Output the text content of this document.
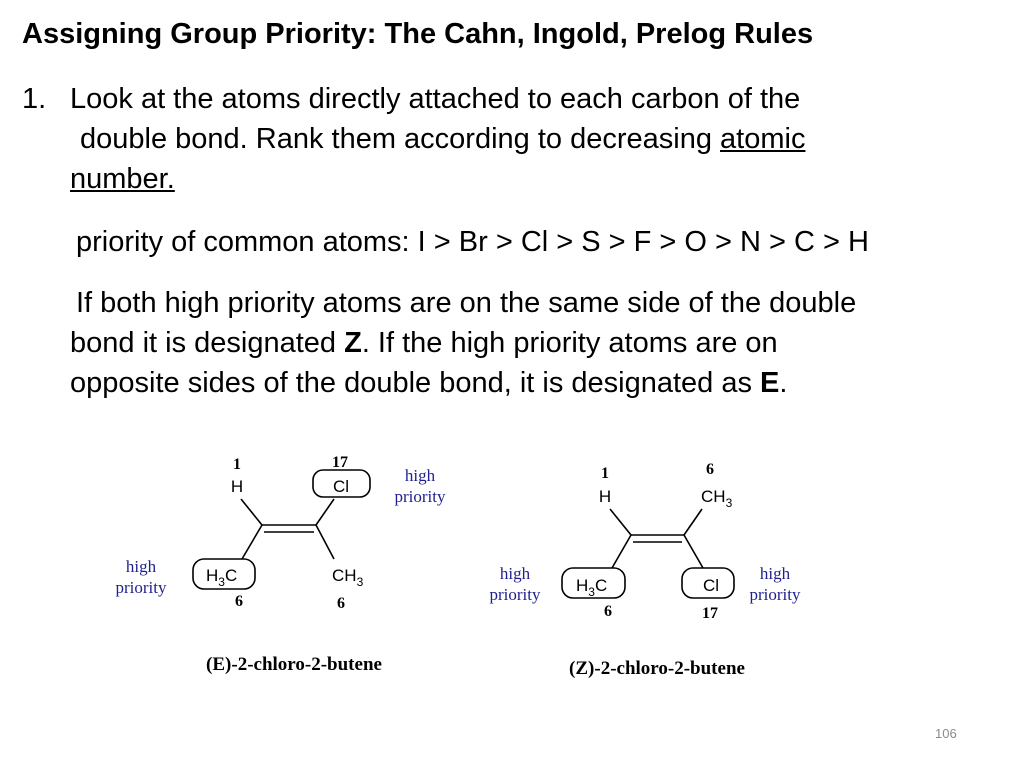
Assigning Group Priority: The Cahn, Ingold, Prelog Rules
1. Look at the atoms directly attached to each carbon of the
double bond. Rank them according to decreasing atomic
number.
priority of common atoms: I > Br > Cl > S > F > O > N > C > H
If both high priority atoms are on the same side of the double
bond it is designated Z. If the high priority atoms are on
opposite sides of the double bond, it is designated as E.
1
H
17
Cl
$H_3C$
6
$CH_3$
6
high
priority
high
priority
(E)-2-chloro-2-butene
1
H
6
$CH_3$
$H_3C$
6
Cl
17
high
priority
high
priority
(Z)-2-chloro-2-butene
106
